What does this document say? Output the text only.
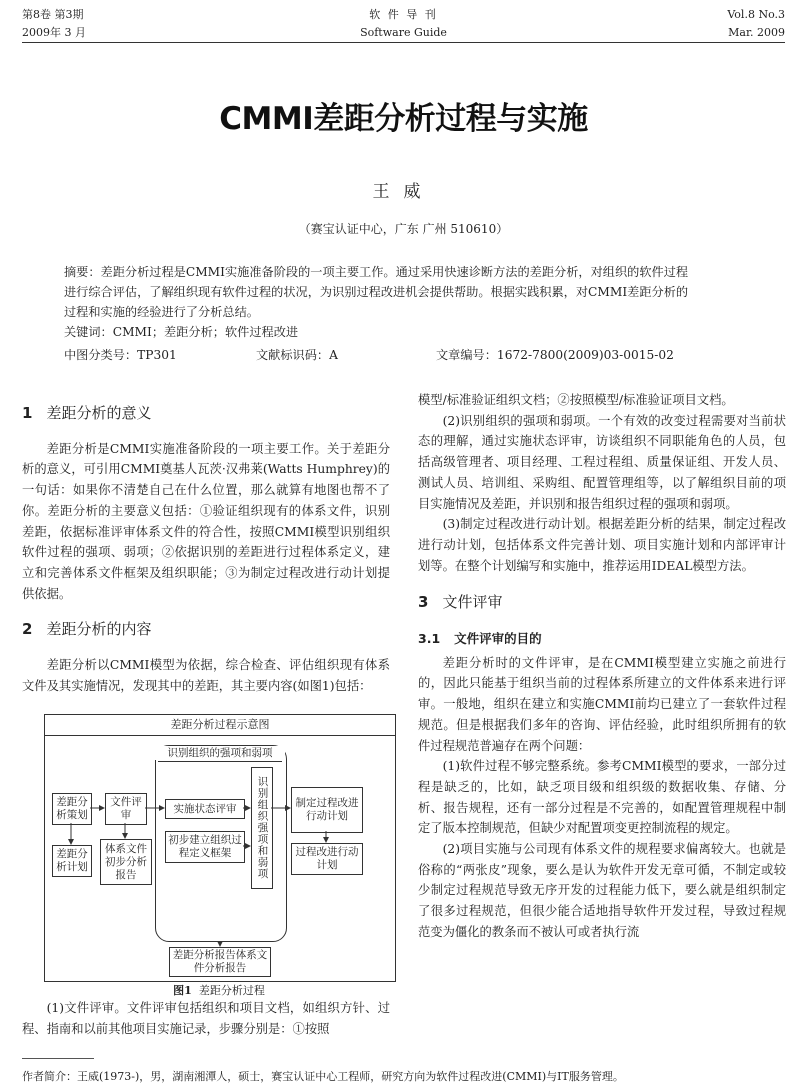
第8卷 第3期
2009年 3 月
软 件 导 刊
Software Guide
Vol.8 No.3
Mar. 2009
CMMI差距分析过程与实施
王威
（赛宝认证中心，广东 广州 510610）

摘要：差距分析过程是CMMI实施准备阶段的一项主要工作。通过采用快速诊断方法的差距分析，对组织的软件过程

进行综合评估，了解组织现有软件过程的状况，为识别过程改进机会提供帮助。根据实践积累，对CMMI差距分析的

过程和实施的经验进行了分析总结。

关键词：CMMI；差距分析；软件过程改进

中图分类号：TP301	文献标识码：A	文章编号：1672-7800(2009)03-0015-02
1 差距分析的意义

差距分析是CMMI实施准备阶段的一项主要工作。关于差距分析的意义，可引用CMMI奠基人瓦茨·汉弗莱(Watts Humphrey)的一句话：如果你不清楚自己在什么位置，那么就算有地图也帮不了你。差距分析的主要意义包括：①验证组织现有的体系文件，识别差距，依据标准评审体系文件的符合性，按照CMMI模型识别组织软件过程的强项、弱项；②依据识别的差距进行过程体系定义，建立和完善体系文件框架及组织职能；③为制定过程改进行动计划提供依据。

2 差距分析的内容

差距分析以CMMI模型为依据，综合检查、评估组织现有体系文件及其实施情况，发现其中的差距，其主要内容(如图1)包括：

差距分析过程示意图
识别组织的强项和弱项
差距分析策划
文件评审
差距分析计划
体系文件初步分析报告
实施状态评审
初步建立组织过程定义框架	识别组织强项和弱项	制定过程改进行动计划
过程改进行动计划
差距分析报告体系文件分析报告
图1 差距分析过程

(1)文件评审。文件评审包括组织和项目文档，如组织方针、过程、指南和以前其他项目实施记录，步骤分别是：①按照

模型/标准验证组织文档；②按照模型/标准验证项目文档。

(2)识别组织的强项和弱项。一个有效的改变过程需要对当前状态的理解，通过实施状态评审，访谈组织不同职能角色的人员，包括高级管理者、项目经理、工程过程组、质量保证组、开发人员、测试人员、培训组、采购组、配置管理组等，以了解组织目前的项目实施情况及差距，并识别和报告组织过程的强项和弱项。

(3)制定过程改进行动计划。根据差距分析的结果，制定过程改进行动计划，包括体系文件完善计划、项目实施计划和内部评审计划等。在整个计划编写和实施中，推荐运用IDEAL模型方法。

3 文件评审
3.1 文件评审的目的

差距分析时的文件评审，是在CMMI模型建立实施之前进行的，因此只能基于组织当前的过程体系所建立的文件体系来进行评审。一般地，组织在建立和实施CMMI前均已建立了一套软件过程规范。但是根据我们多年的咨询、评估经验，此时组织所拥有的软件过程规范普遍存在两个问题：

(1)软件过程不够完整系统。参考CMMI模型的要求，一部分过程是缺乏的，比如，缺乏项目级和组织级的数据收集、存储、分析、报告规程，还有一部分过程是不完善的，如配置管理规程中制定了版本控制规范，但缺少对配置项变更控制流程的规定。

(2)项目实施与公司现有体系文件的规程要求偏离较大。也就是俗称的“两张皮”现象，要么是认为软件开发无章可循，不制定或较少制定过程规范导致无序开发的过程能力低下，要么就是组织制定了很多过程规范，但很少能合适地指导软件开发过程，导致过程规范变为僵化的教条而不被认可或者执行流

作者简介：王威(1973-)，男，湖南湘潭人，硕士，赛宝认证中心工程师，研究方向为软件过程改进(CMMI)与IT服务管理。
